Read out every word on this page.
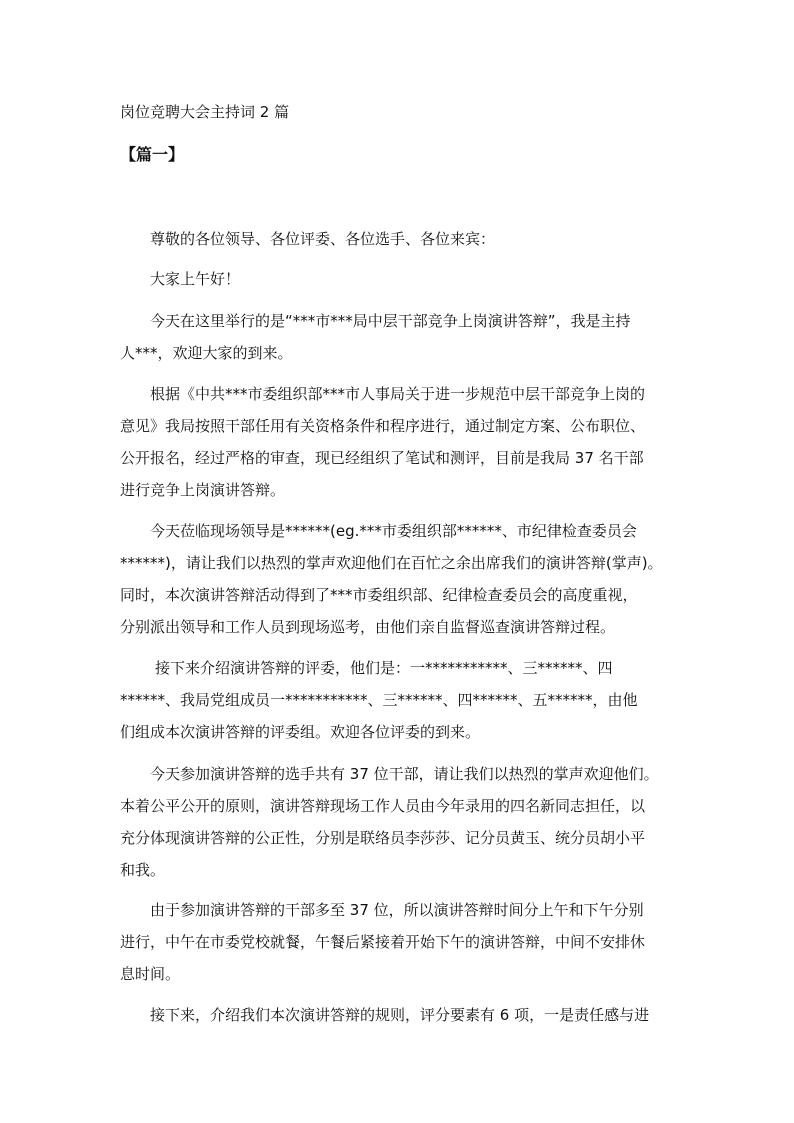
岗位竞聘大会主持词 2 篇
【篇一】
尊敬的各位领导、各位评委、各位选手、各位来宾：
大家上午好！
今天在这里举行的是“***市***局中层干部竞争上岗演讲答辩”，我是主持
人***，欢迎大家的到来。
根据《中共***市委组织部***市人事局关于进一步规范中层干部竞争上岗的
意见》我局按照干部任用有关资格条件和程序进行，通过制定方案、公布职位、
公开报名，经过严格的审查，现已经组织了笔试和测评，目前是我局 37 名干部
进行竞争上岗演讲答辩。
今天莅临现场领导是******(eg.***市委组织部******、市纪律检查委员会
******)，请让我们以热烈的掌声欢迎他们在百忙之余出席我们的演讲答辩(掌声)。
同时，本次演讲答辩活动得到了***市委组织部、纪律检查委员会的高度重视，
分别派出领导和工作人员到现场巡考，由他们亲自监督巡查演讲答辩过程。
接下来介绍演讲答辩的评委，他们是：一***********、三******、四
******、我局党组成员一***********、三******、四******、五******，由他
们组成本次演讲答辩的评委组。欢迎各位评委的到来。
今天参加演讲答辩的选手共有 37 位干部，请让我们以热烈的掌声欢迎他们。
本着公平公开的原则，演讲答辩现场工作人员由今年录用的四名新同志担任，以
充分体现演讲答辩的公正性，分别是联络员李莎莎、记分员黄玉、统分员胡小平
和我。
由于参加演讲答辩的干部多至 37 位，所以演讲答辩时间分上午和下午分别
进行，中午在市委党校就餐，午餐后紧接着开始下午的演讲答辩，中间不安排休
息时间。
接下来，介绍我们本次演讲答辩的规则，评分要素有 6 项，一是责任感与进
